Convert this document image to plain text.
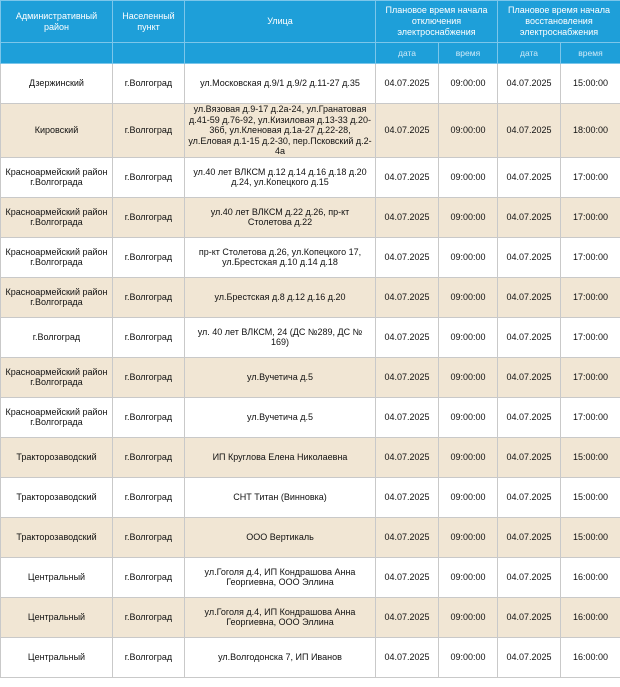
Административный район	Населенный пункт	Улица	Плановое время начала отключения электроснабжения		Плановое время начала восстановления электроснабжения	
			дата	время	дата	время
Дзержинский	г.Волгоград	ул.Московская д.9/1 д.9/2 д.11-27 д.35	04.07.2025	09:00:00	04.07.2025	15:00:00
Кировский	г.Волгоград	ул.Вязовая д.9-17 д.2а-24, ул.Гранатовая д.41-59 д.76-92, ул.Кизиловая д.13-33 д.20-36б, ул.Кленовая д.1а-27 д.22-28, ул.Еловая д.1-15 д.2-30, пер.Псковский д.2-4а	04.07.2025	09:00:00	04.07.2025	18:00:00
Красноармейский район г.Волгограда	г.Волгоград	ул.40 лет ВЛКСМ д.12 д.14 д.16 д.18 д.20 д.24, ул.Копецкого д.15	04.07.2025	09:00:00	04.07.2025	17:00:00
Красноармейский район г.Волгограда	г.Волгоград	ул.40 лет ВЛКСМ д.22 д.26, пр-кт Столетова д.22	04.07.2025	09:00:00	04.07.2025	17:00:00
Красноармейский район г.Волгограда	г.Волгоград	пр-кт Столетова д.26, ул.Копецкого 17, ул.Брестская д.10 д.14 д.18	04.07.2025	09:00:00	04.07.2025	17:00:00
Красноармейский район г.Волгограда	г.Волгоград	ул.Брестская д.8 д.12 д.16 д.20	04.07.2025	09:00:00	04.07.2025	17:00:00
г.Волгоград	г.Волгоград	ул. 40 лет ВЛКСМ, 24 (ДС №289, ДС № 169)	04.07.2025	09:00:00	04.07.2025	17:00:00
Красноармейский район г.Волгограда	г.Волгоград	ул.Вучетича д.5	04.07.2025	09:00:00	04.07.2025	17:00:00
Красноармейский район г.Волгограда	г.Волгоград	ул.Вучетича д.5	04.07.2025	09:00:00	04.07.2025	17:00:00
Тракторозаводский	г.Волгоград	ИП Круглова Елена Николаевна	04.07.2025	09:00:00	04.07.2025	15:00:00
Тракторозаводский	г.Волгоград	СНТ Титан (Винновка)	04.07.2025	09:00:00	04.07.2025	15:00:00
Тракторозаводский	г.Волгоград	ООО Вертикаль	04.07.2025	09:00:00	04.07.2025	15:00:00
Центральный	г.Волгоград	ул.Гоголя д.4, ИП Кондрашова Анна Георгиевна, ООО Эллина	04.07.2025	09:00:00	04.07.2025	16:00:00
Центральный	г.Волгоград	ул.Гоголя д.4, ИП Кондрашова Анна Георгиевна, ООО Эллина	04.07.2025	09:00:00	04.07.2025	16:00:00
Центральный	г.Волгоград	ул.Волгодонска 7, ИП Иванов	04.07.2025	09:00:00	04.07.2025	16:00:00
